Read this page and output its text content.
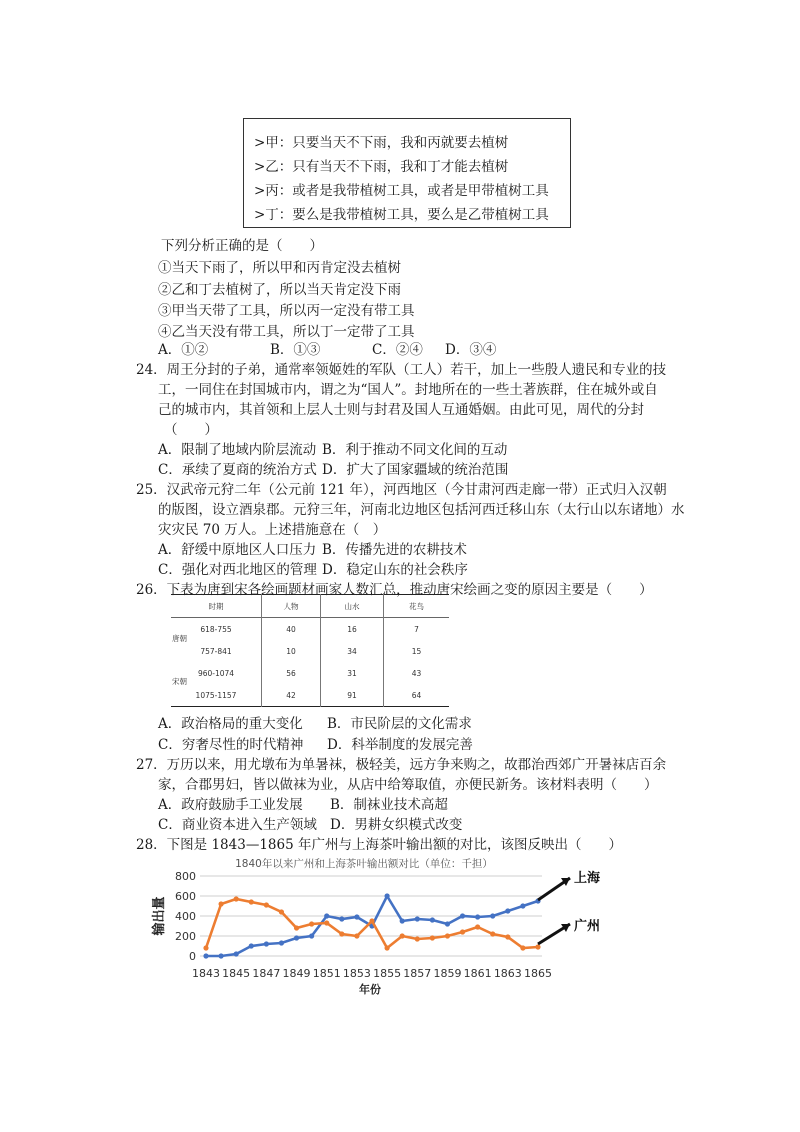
>甲：只要当天不下雨，我和丙就要去植树
>乙：只有当天不下雨，我和丁才能去植树
>丙：或者是我带植树工具，或者是甲带植树工具
>丁：要么是我带植树工具，要么是乙带植树工具
下列分析正确的是（　　）
①当天下雨了，所以甲和丙肯定没去植树
②乙和丁去植树了，所以当天肯定没下雨
③甲当天带了工具，所以丙一定没有带工具
④乙当天没有带工具，所以丁一定带了工具
A．①②	B．①③	C．②④ D．③④
24．周王分封的子弟，通常率领姬姓的军队（工人）若干，加上一些殷人遗民和专业的技
工，一同住在封国城市内，谓之为“国人”。封地所在的一些土著族群，住在城外或自
己的城市内，其首领和上层人士则与封君及国人互通婚姻。由此可见，周代的分封
（　　）
A．限制了地域内阶层流动 B．利于推动不同文化间的互动
C．承续了夏商的统治方式 D．扩大了国家疆域的统治范围
25．汉武帝元狩二年（公元前 121 年），河西地区（今甘肃河西走廊一带）正式归入汉朝
的版图，设立酒泉郡。元狩三年，河南北边地区包括河西迁移山东（太行山以东诸地）水
灾灾民 70 万人。上述措施意在（　）
A．舒缓中原地区人口压力 B．传播先进的农耕技术
C．强化对西北地区的管理 D．稳定山东的社会秩序
26．下表为唐到宋各绘画题材画家人数汇总，推动唐宋绘画之变的原因主要是（　　）
时期	人物	山水	花鸟
618-755	40	16	7
757-841	10	34	15
960-1074	56	31	43
1075-1157	42	91	64
唐朝
宋朝
A．政治格局的重大变化 B．市民阶层的文化需求
C．穷奢尽性的时代精神 D．科举制度的发展完善
27．万历以来，用尤墩布为单暑袜，极轻美，远方争来购之，故郡治西郊广开暑袜店百余
家，合郡男妇，皆以做袜为业，从店中给筹取值，亦便民新务。该材料表明（　　）
A．政府鼓励手工业发展 B．制袜业技术高超
C．商业资本进入生产领域 D．男耕女织模式改变
28．下图是 1843—1865 年广州与上海茶叶输出额的对比，该图反映出（　　）
1840年以来广州和上海茶叶输出额对比（单位：千担）
0
200
400
600
800
1843 1845 1847 1849 1851 1853 1855 1857 1859 1861 1863 1865
输出量
年份
上海
广州
